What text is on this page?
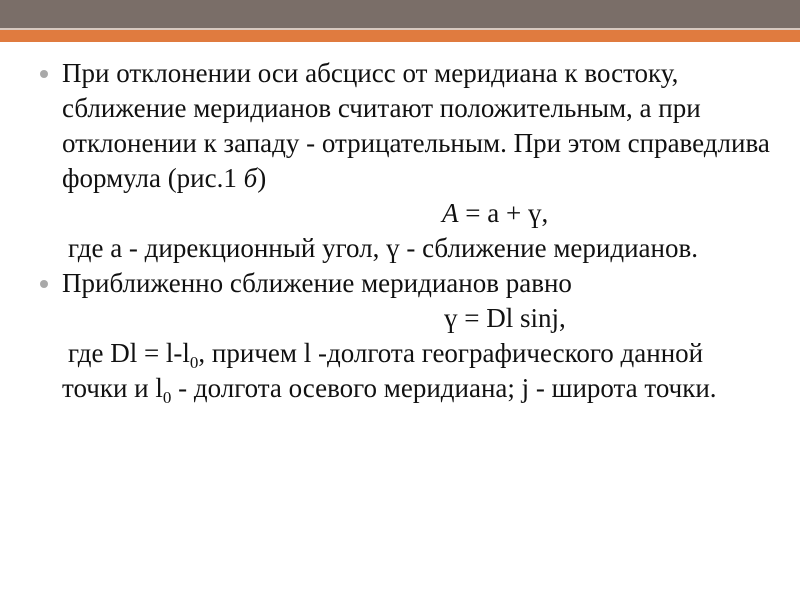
При отклонении оси абсцисс от меридиана к востоку, сближение меридианов считают положительным, а при отклонении к западу - отрицательным. При этом справедлива формула (рис.1 б)
А = а + ү,
где а - дирекционный угол, ү - сближение меридианов.
Приближенно сближение меридианов равно
ү = Dl sinj,
где $Dl = l-l_0$, причем l -долгота географического данной точки и $l_0$ - долгота осевого меридиана; j - широта точки.
